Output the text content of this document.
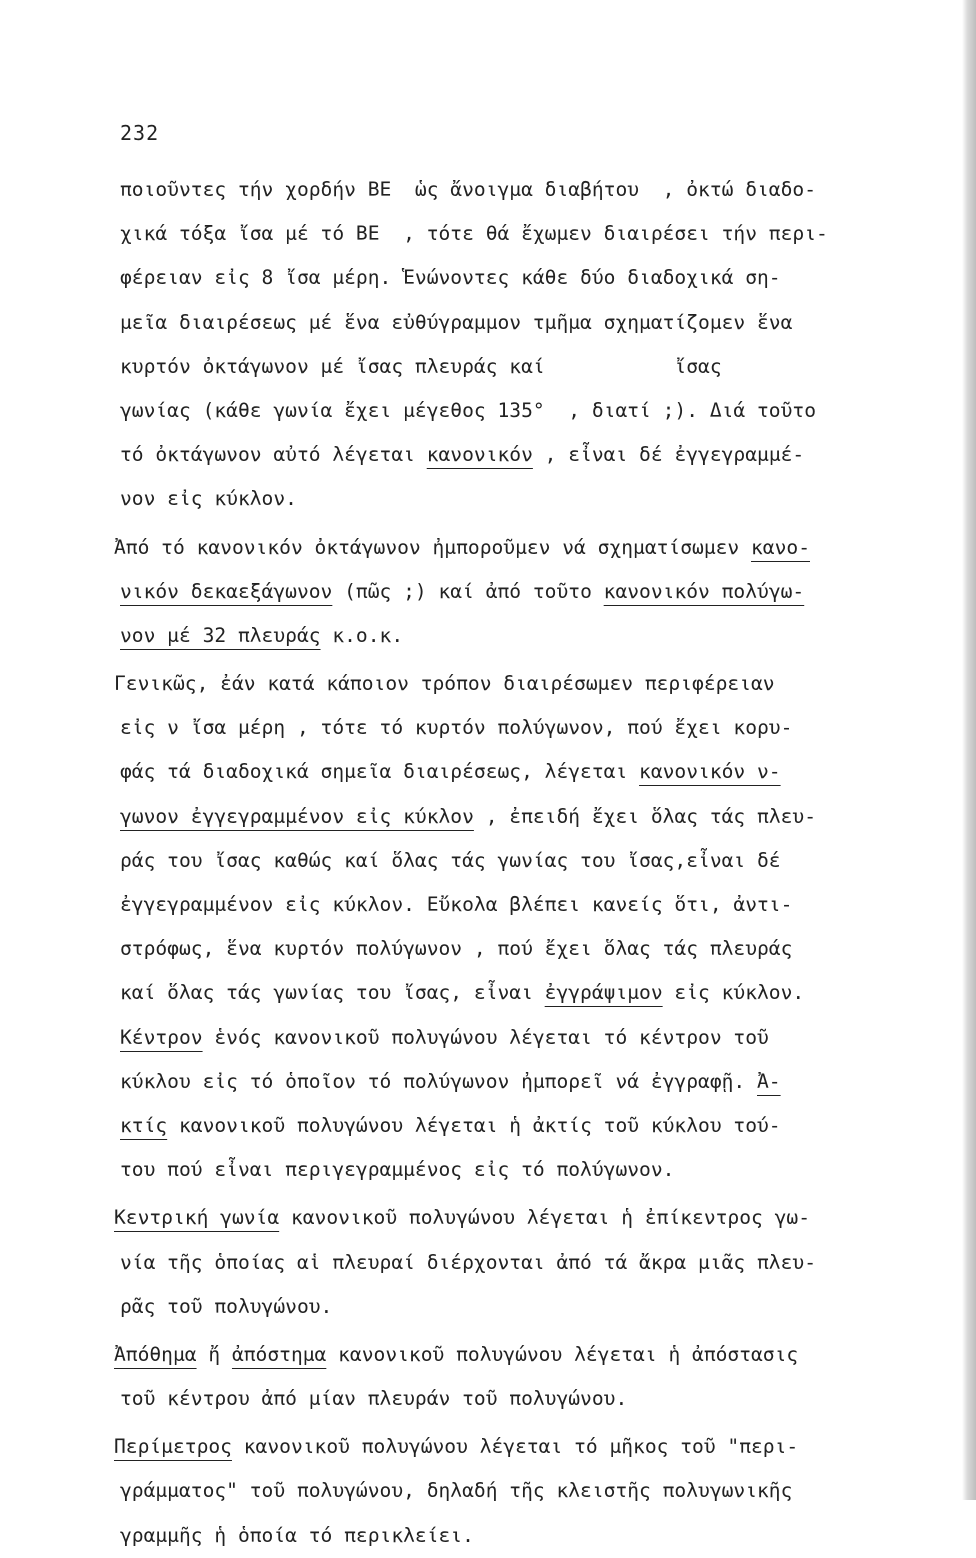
232
ποιοῦντες τήν χορδήν ΒΕ  ὡς ἄνοιγμα διαβήτου  , ὀκτώ διαδο-
χικά τόξα ἴσα μέ τό ΒΕ  , τότε θά ἔχωμεν διαιρέσει τήν περι-
φέρειαν εἰς 8 ἴσα μέρη. Ἑνώνοντες κάθε δύο διαδοχικά ση-
μεῖα διαιρέσεως μέ ἕνα εὐθύγραμμον τμῆμα σχηματίζομεν ἕνα
κυρτόν ὀκτάγωνον μέ ἴσας πλευράς καί           ἴσας
γωνίας (κάθε γωνία ἔχει μέγεθος 135°  , διατί ;). Διά τοῦτο
τό ὀκτάγωνον αὐτό λέγεται κανονικόν , εἶναι δέ ἐγγεγραμμέ-
νον εἰς κύκλον.
Ἀπό τό κανονικόν ὀκτάγωνον ἠμποροῦμεν νά σχηματίσωμεν κανο-
νικόν δεκαεξάγωνον (πῶς ;) καί ἀπό τοῦτο κανονικόν πολύγω-
νον μέ 32 πλευράς κ.ο.κ.
Γενικῶς, ἐάν κατά κάποιον τρόπον διαιρέσωμεν περιφέρειαν
εἰς ν ἴσα μέρη , τότε τό κυρτόν πολύγωνον, πού ἔχει κορυ-
φάς τά διαδοχικά σημεῖα διαιρέσεως, λέγεται κανονικόν ν-
γωνον ἐγγεγραμμένον εἰς κύκλον , ἐπειδή ἔχει ὅλας τάς πλευ-
ράς του ἴσας καθώς καί ὅλας τάς γωνίας του ἴσας,εἶναι δέ
ἐγγεγραμμένον εἰς κύκλον. Εὔκολα βλέπει κανείς ὅτι, ἀντι-
στρόφως, ἕνα κυρτόν πολύγωνον , πού ἔχει ὅλας τάς πλευράς
καί ὅλας τάς γωνίας του ἴσας, εἶναι ἐγγράψιμον εἰς κύκλον.
Κέντρον ἑνός κανονικοῦ πολυγώνου λέγεται τό κέντρον τοῦ
κύκλου εἰς τό ὁποῖον τό πολύγωνον ἠμπορεῖ νά ἐγγραφῇ. Ἀ-
κτίς κανονικοῦ πολυγώνου λέγεται ἡ ἀκτίς τοῦ κύκλου τού-
του πού εἶναι περιγεγραμμένος εἰς τό πολύγωνον.
Κεντρική γωνία κανονικοῦ πολυγώνου λέγεται ἡ ἐπίκεντρος γω-
νία τῆς ὁποίας αἱ πλευραί διέρχονται ἀπό τά ἄκρα μιᾶς πλευ-
ρᾶς τοῦ πολυγώνου.
Ἀπόθημα ἤ ἀπόστημα κανονικοῦ πολυγώνου λέγεται ἡ ἀπόστασις
τοῦ κέντρου ἀπό μίαν πλευράν τοῦ πολυγώνου.
Περίμετρος κανονικοῦ πολυγώνου λέγεται τό μῆκος τοῦ "περι-
γράμματος" τοῦ πολυγώνου, δηλαδή τῆς κλειστῆς πολυγωνικῆς
γραμμῆς ἡ ὁποία τό περικλείει.
